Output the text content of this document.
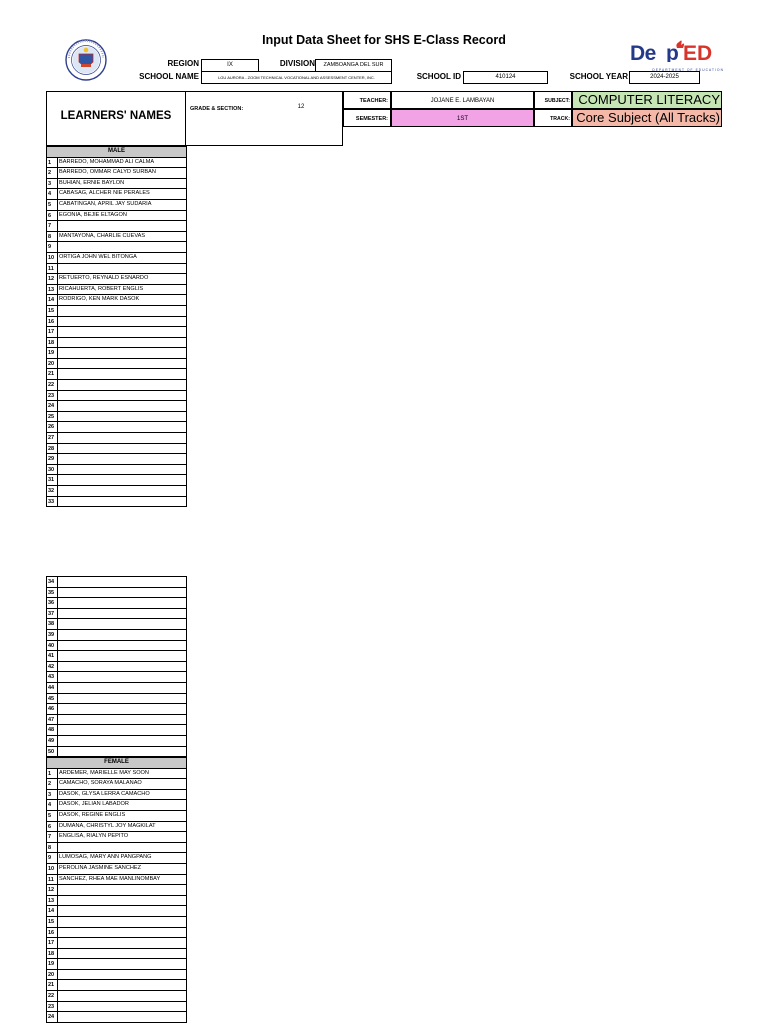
Input Data Sheet for SHS E-Class Record
De p ED
DEPARTMENT OF EDUCATION
REGION	IX	DIVISION	ZAMBOANGA DEL SUR
SCHOOL NAME	LGU AURORA - ZOOM TECHNICAL VOCATIONAL AND ASSESSMENT CENTER, INC.	SCHOOL ID	410124	SCHOOL YEAR	2024-2025
LEARNERS' NAMES
GRADE & SECTION:	12
TEACHER:	JOJANE E. LAMBAYAN
SEMESTER:	1ST
SUBJECT: COMPUTER LITERACY
TRACK: Core Subject (All Tracks)
MALE
1	BARREDO, MOHAMMAD ALI CALMA
2	BARREDO, OMMAR CALYD SURBAN
3	BUHIAN, ERNIE BAYLON
4	CABASAG, ALCHER NIE PERALES
5	CABATINGAN, APRIL JAY SUDARIA
6	EGONIA, BEJIE ELTAGON
7
8	MANTAYONA, CHARLIE CUEVAS
9
10 ORTIGA JOHN WEL BITONGA
11
12 RETUERTO, REYNALD ESNARDO
13 RICAHUERTA, ROBERT ENGLIS
14 RODRIGO, KEN MARK DASOK
15
16
17
18
19
20
21
22
23
24
25
26
27
28
29
30
31
32
33
34
35
36
37
38
39
40
41
42
43
44
45
46
47
48
49
50
FEMALE
1	ARDEMER, MARIELLE MAY SOON
2	CAMACHO, SORAYA MALANAO
3	DASOK, GLYSA LERRA CAMACHO
4	DASOK, JELIAN LABADOR
5	DASOK, REGINE ENGLIS
6	DUMANA, CHRISTYL JOY MAGKILAT
7	ENGLISA, RIALYN PEPITO
8
9	LUMOSAG, MARY ANN PANGPANG
10 PEROLINA JASMINE SANCHEZ
11 SANCHEZ, RHEA MAE MANLINOMBAY
12
13
14
15
16
17
18
19
20
21
22
23
24
